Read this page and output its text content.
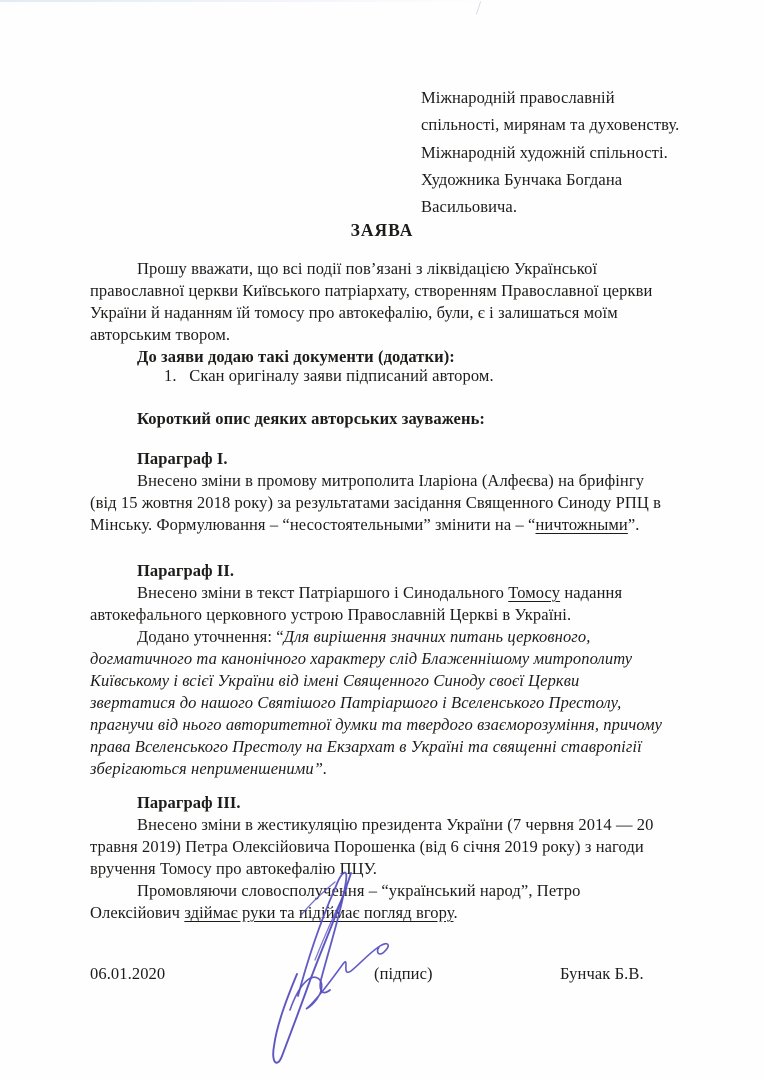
Міжнародній православній
спільності, мирянам та духовенству.
Міжнародній художній спільності.
Художника Бунчака Богдана
Васильовича.
ЗАЯВА
Прошу вважати, що всі події пов’язані з ліквідацією Української православної церкви Київського патріархату, створенням Православної церкви України й наданням їй томосу про автокефалію, були, є і залишаться моїм авторським твором.
До заяви додаю такі документи (додатки):
1. Скан оригіналу заяви підписаний автором.
Короткий опис деяких авторських зауважень:
Параграф I.
Внесено зміни в промову митрополита Іларіона (Алфеєва) на брифінгу (від 15 жовтня 2018 року) за результатами засідання Священного Синоду РПЦ в Мінську. Формулювання – “несостоятельными” змінити на – “ничтожными”.
Параграф II.
Внесено зміни в текст Патріаршого і Синодального Томосу надання автокефального церковного устрою Православній Церкві в Україні.
Додано уточнення: “Для вирішення значних питань церковного, догматичного та канонічного характеру слід Блаженнішому митрополиту Київському і всієї України від імені Священного Синоду своєї Церкви звертатися до нашого Святішого Патріаршого і Вселенського Престолу, прагнучи від нього авторитетної думки та твердого взаєморозуміння, причому права Вселенського Престолу на Екзархат в Україні та священні ставропігії зберігаються неприменшеними”.
Параграф III.
Внесено зміни в жестикуляцію президента України (7 червня 2014 — 20 травня 2019) Петра Олексійовича Порошенка (від 6 січня 2019 року) з нагоди вручення Томосу про автокефалію ПЦУ.
Промовляючи словосполучення – “український народ”, Петро Олексійович здіймає руки та підіймає погляд вгору.
06.01.2020	(підпис)	Бунчак Б.В.
